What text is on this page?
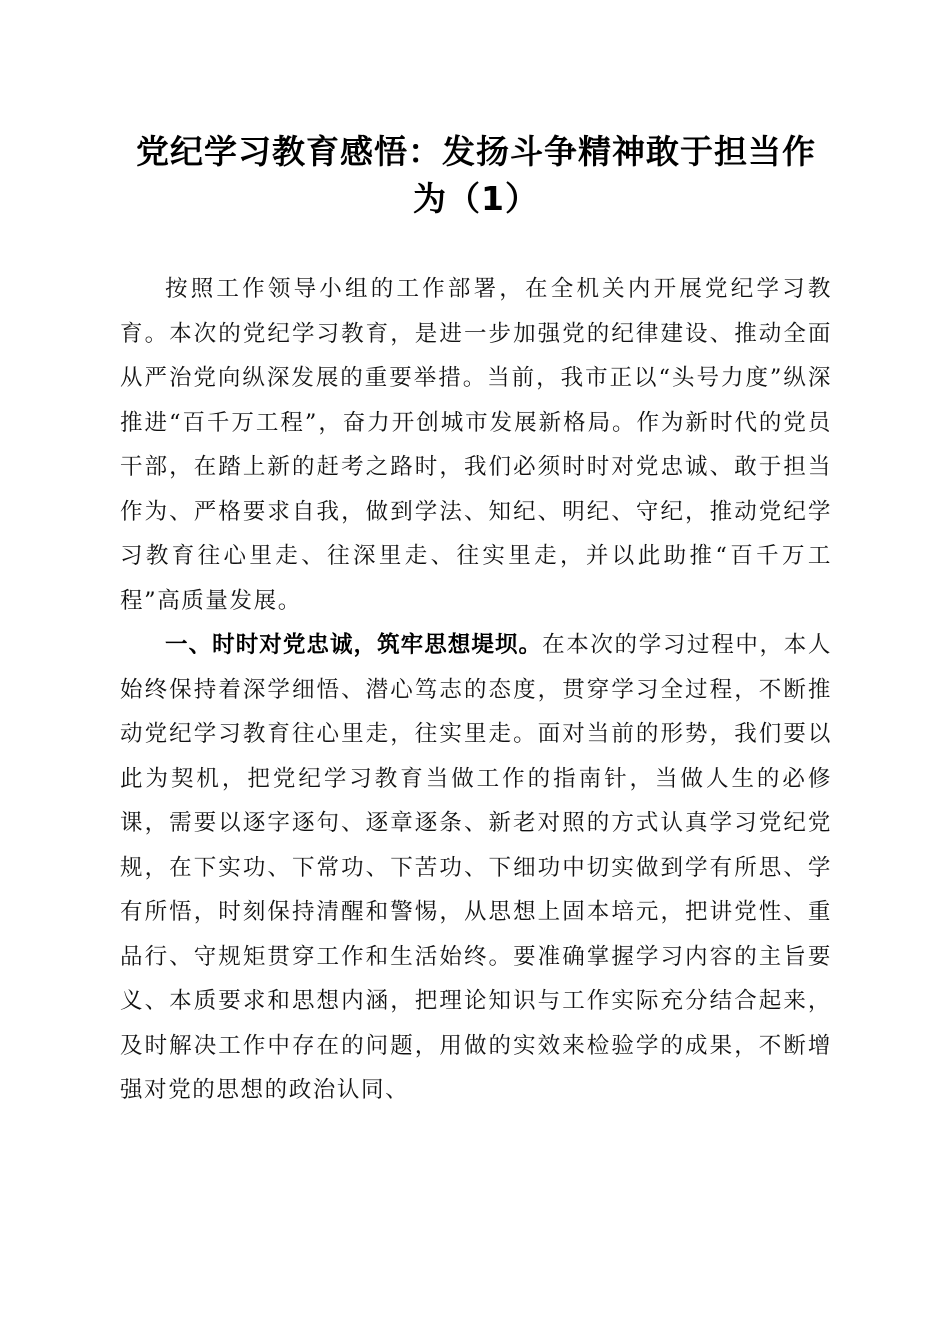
党纪学习教育感悟：发扬斗争精神敢于担当作为（1）

按照工作领导小组的工作部署，在全机关内开展党纪学习教育。本次的党纪学习教育，是进一步加强党的纪律建设、推动全面从严治党向纵深发展的重要举措。当前，我市正以“头号力度”纵深推进“百千万工程”，奋力开创城市发展新格局。作为新时代的党员干部，在踏上新的赶考之路时，我们必须时时对党忠诚、敢于担当作为、严格要求自我，做到学法、知纪、明纪、守纪，推动党纪学习教育往心里走、往深里走、往实里走，并以此助推“百千万工程”高质量发展。

一、时时对党忠诚，筑牢思想堤坝。在本次的学习过程中，本人始终保持着深学细悟、潜心笃志的态度，贯穿学习全过程，不断推动党纪学习教育往心里走，往实里走。面对当前的形势，我们要以此为契机，把党纪学习教育当做工作的指南针，当做人生的必修课，需要以逐字逐句、逐章逐条、新老对照的方式认真学习党纪党规，在下实功、下常功、下苦功、下细功中切实做到学有所思、学有所悟，时刻保持清醒和警惕，从思想上固本培元，把讲党性、重品行、守规矩贯穿工作和生活始终。要准确掌握学习内容的主旨要义、本质要求和思想内涵，把理论知识与工作实际充分结合起来，及时解决工作中存在的问题，用做的实效来检验学的成果，不断增强对党的思想的政治认同、
